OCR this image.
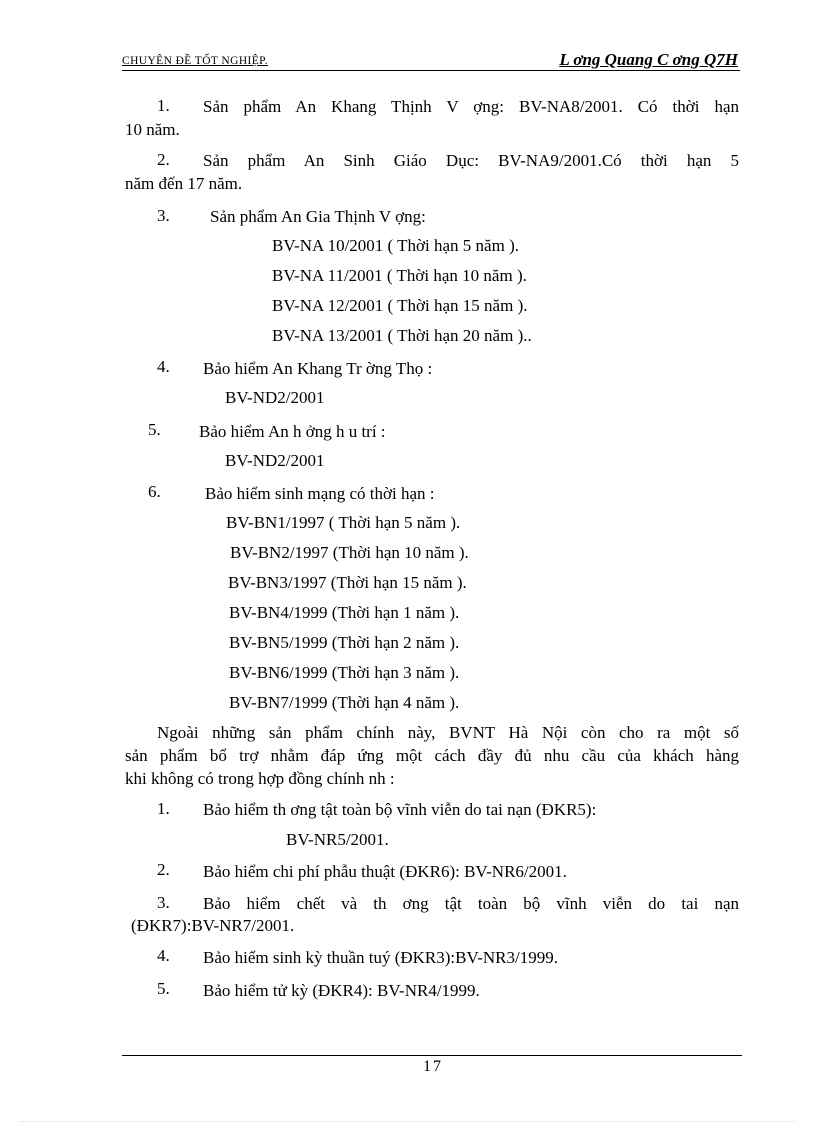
CHUYÊN ĐỀ TỐT NGHIỆP.	L ơng Quang C ơng Q7H
1. Sản phẩm An Khang Thịnh V ợng: BV-NA8/2001. Có thời hạn
10 năm.
2. Sản phẩm An Sinh Giáo Dục: BV-NA9/2001.Có thời hạn 5
năm đến 17 năm.
3. Sản phẩm An Gia Thịnh V ợng:
BV-NA 10/2001 ( Thời hạn 5 năm ).
BV-NA 11/2001 ( Thời hạn 10 năm ).
BV-NA 12/2001 ( Thời hạn 15 năm ).
BV-NA 13/2001 ( Thời hạn 20 năm )..
4. Bảo hiểm An Khang Tr ờng Thọ :
BV-ND2/2001
5. Bảo hiểm An h ởng h u trí :
BV-ND2/2001
6.	Bảo hiểm sinh mạng có thời hạn :
BV-BN1/1997 ( Thời hạn 5 năm ).
BV-BN2/1997 (Thời hạn 10 năm ).
BV-BN3/1997 (Thời hạn 15 năm ).
BV-BN4/1999 (Thời hạn 1 năm ).
BV-BN5/1999 (Thời hạn 2 năm ).
BV-BN6/1999 (Thời hạn 3 năm ).
BV-BN7/1999 (Thời hạn 4 năm ).
Ngoài những sản phẩm chính này, BVNT Hà Nội còn cho ra một số
sản phẩm bổ trợ nhằm đáp ứng một cách đầy đủ nhu cầu của khách hàng
khi không có trong hợp đồng chính nh :
1. Bảo hiểm th ơng tật toàn bộ vĩnh viễn do tai nạn (ĐKR5):
BV-NR5/2001.
2. Bảo hiểm chi phí phẫu thuật (ĐKR6): BV-NR6/2001.
3. Bảo hiểm chết và th ơng tật toàn bộ vĩnh viễn do tai nạn
(ĐKR7):BV-NR7/2001.
4. Bảo hiểm sinh kỳ thuần tuý (ĐKR3):BV-NR3/1999.
5. Bảo hiểm tử kỳ (ĐKR4): BV-NR4/1999.
17
